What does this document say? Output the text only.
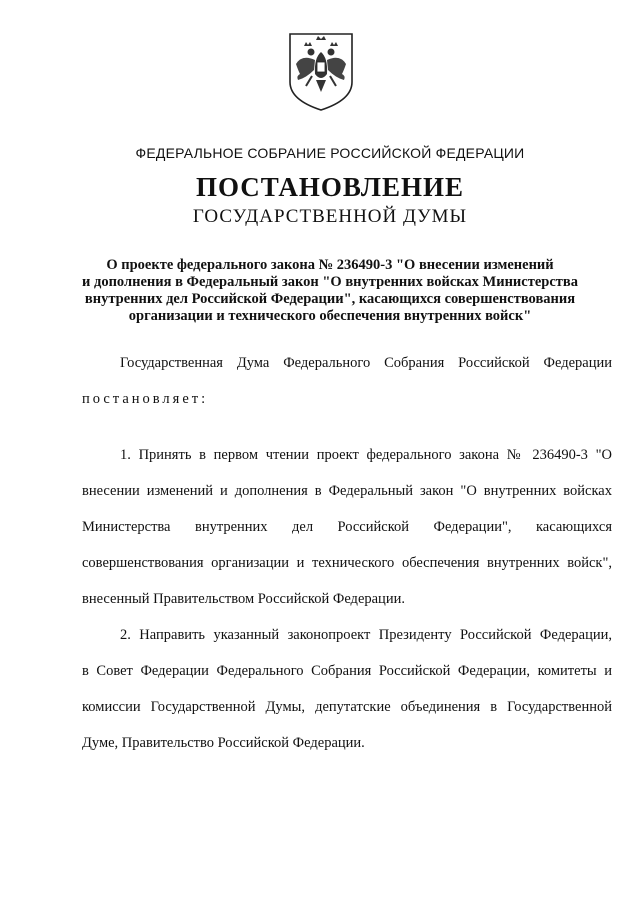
ФЕДЕРАЛЬНОЕ СОБРАНИЕ РОССИЙСКОЙ ФЕДЕРАЦИИ
ПОСТАНОВЛЕНИЕ
ГОСУДАРСТВЕННОЙ ДУМЫ
О проекте федерального закона № 236490-3 "О внесении изменений
и дополнения в Федеральный закон "О внутренних войсках Министерства
внутренних дел Российской Федерации", касающихся совершенствования
организации и технического обеспечения внутренних войск"
Государственная Дума Федерального Собрания Российской Федерации
постановляет:
1. Принять в первом чтении проект федерального закона № 236490-3 "О
внесении изменений и дополнения в Федеральный закон "О внутренних войсках
Министерства внутренних дел Российской Федерации", касающихся
совершенствования организации и технического обеспечения внутренних войск",
внесенный Правительством Российской Федерации.
2. Направить указанный законопроект Президенту Российской Федерации,
в Совет Федерации Федерального Собрания Российской Федерации, комитеты и
комиссии Государственной Думы, депутатские объединения в Государственной
Думе, Правительство Российской Федерации.
